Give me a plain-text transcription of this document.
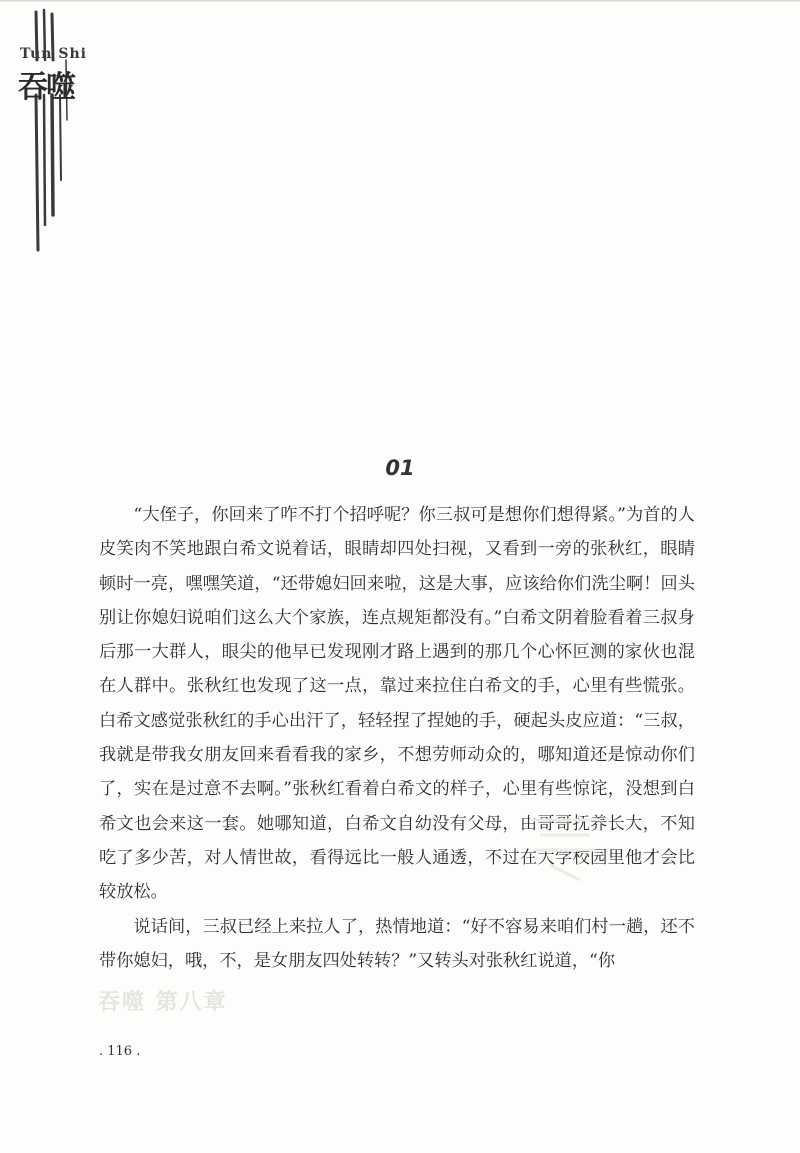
Tun Shi
吞噬
01

“大侄子，你回来了咋不打个招呼呢？你三叔可是想你们想得紧。”为首的人皮笑肉不笑地跟白希文说着话，眼睛却四处扫视，又看到一旁的张秋红，眼睛顿时一亮，嘿嘿笑道，“还带媳妇回来啦，这是大事，应该给你们洗尘啊！回头别让你媳妇说咱们这么大个家族，连点规矩都没有。”白希文阴着脸看着三叔身后那一大群人，眼尖的他早已发现刚才路上遇到的那几个心怀叵测的家伙也混在人群中。张秋红也发现了这一点，靠过来拉住白希文的手，心里有些慌张。白希文感觉张秋红的手心出汗了，轻轻捏了捏她的手，硬起头皮应道：“三叔，我就是带我女朋友回来看看我的家乡，不想劳师动众的，哪知道还是惊动你们了，实在是过意不去啊。”张秋红看着白希文的样子，心里有些惊诧，没想到白希文也会来这一套。她哪知道，白希文自幼没有父母，由哥哥抚养长大，不知吃了多少苦，对人情世故，看得远比一般人通透，不过在大学校园里他才会比较放松。

说话间，三叔已经上来拉人了，热情地道：“好不容易来咱们村一趟，还不带你媳妇，哦，不，是女朋友四处转转？”又转头对张秋红说道，“你

吞噬 第八章
. 116 .
